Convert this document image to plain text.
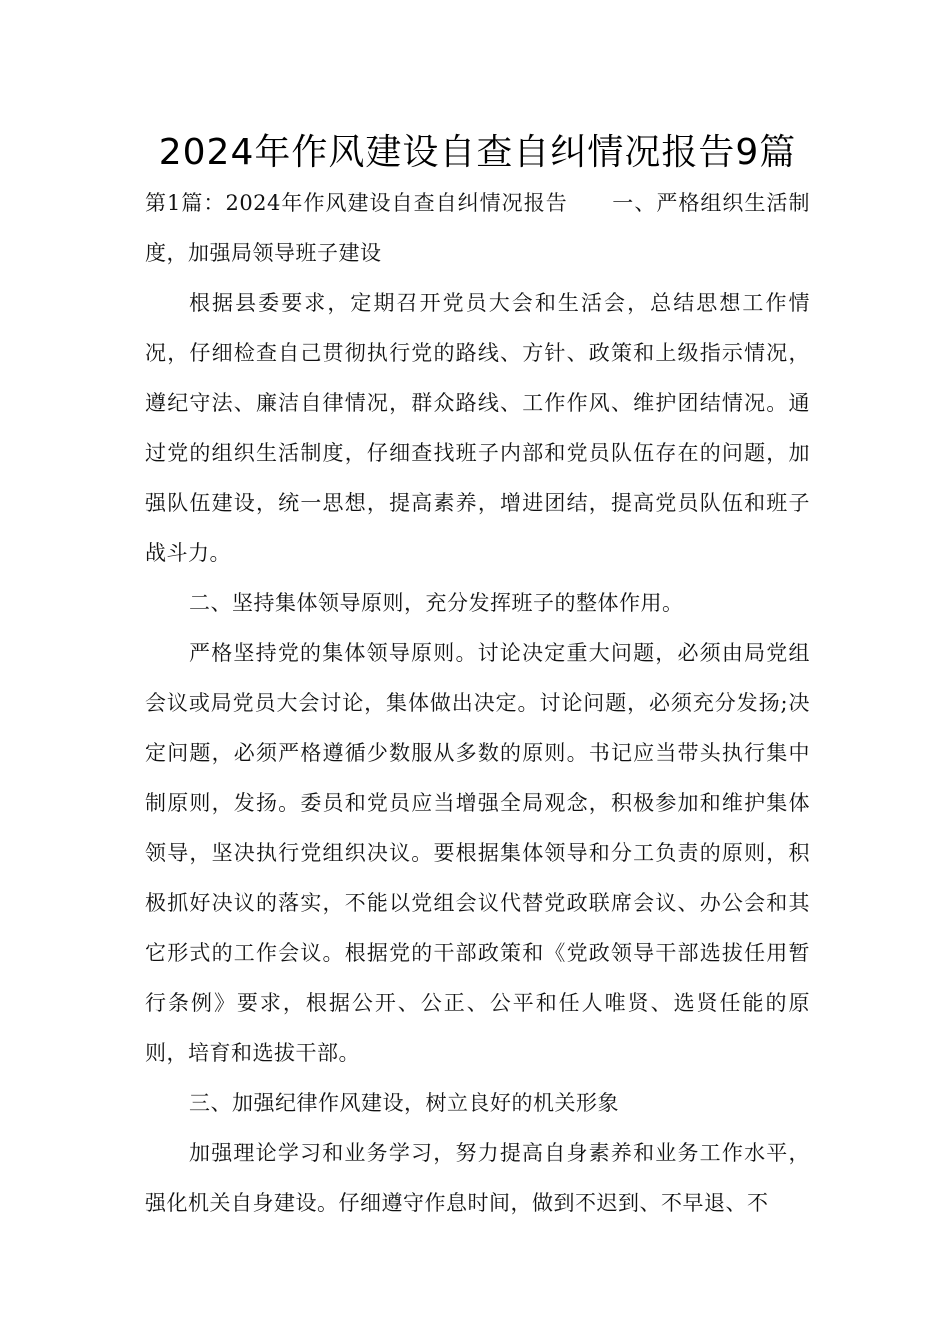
2024年作风建设自查自纠情况报告9篇

第1篇：2024年作风建设自查自纠情况报告 一、严格组织生活制度，加强局领导班子建设

根据县委要求，定期召开党员大会和生活会，总结思想工作情况，仔细检查自己贯彻执行党的路线、方针、政策和上级指示情况，遵纪守法、廉洁自律情况，群众路线、工作作风、维护团结情况。通过党的组织生活制度，仔细查找班子内部和党员队伍存在的问题，加强队伍建设，统一思想，提高素养，增进团结，提高党员队伍和班子战斗力。

二、坚持集体领导原则，充分发挥班子的整体作用。

严格坚持党的集体领导原则。讨论决定重大问题，必须由局党组会议或局党员大会讨论，集体做出决定。讨论问题，必须充分发扬;决定问题，必须严格遵循少数服从多数的原则。书记应当带头执行集中制原则，发扬。委员和党员应当增强全局观念，积极参加和维护集体领导，坚决执行党组织决议。要根据集体领导和分工负责的原则，积极抓好决议的落实，不能以党组会议代替党政联席会议、办公会和其它形式的工作会议。根据党的干部政策和《党政领导干部选拔任用暂行条例》要求，根据公开、公正、公平和任人唯贤、选贤任能的原则，培育和选拔干部。

三、加强纪律作风建设，树立良好的机关形象

加强理论学习和业务学习，努力提高自身素养和业务工作水平，强化机关自身建设。仔细遵守作息时间，做到不迟到、不早退、不
